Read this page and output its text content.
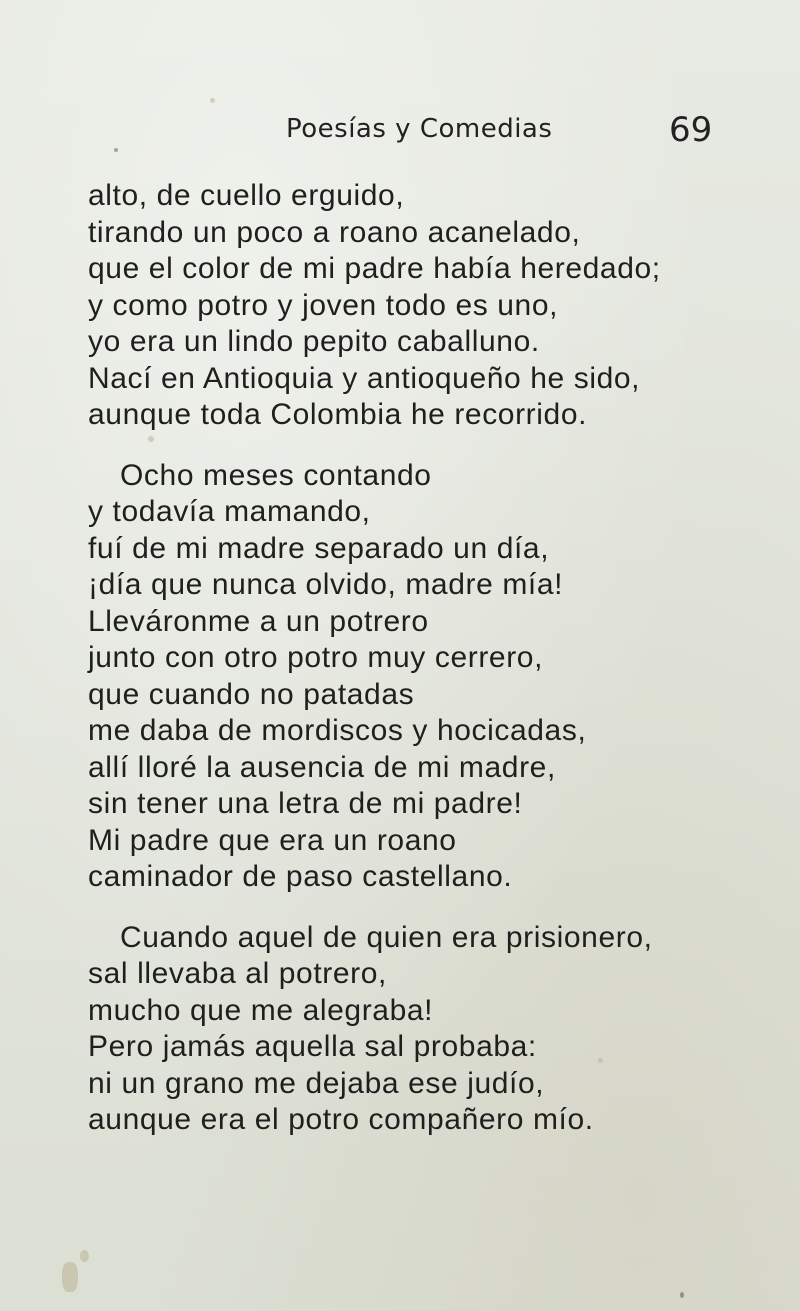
Poesías y Comedias	69
alto, de cuello erguido,
tirando un poco a roano acanelado,
que el color de mi padre había heredado;
y como potro y joven todo es uno,
yo era un lindo pepito caballuno.
Nací en Antioquia y antioqueño he sido,
aunque toda Colombia he recorrido.
Ocho meses contando
y todavía mamando,
fuí de mi madre separado un día,
¡día que nunca olvido, madre mía!
Lleváronme a un potrero
junto con otro potro muy cerrero,
que cuando no patadas
me daba de mordiscos y hocicadas,
allí lloré la ausencia de mi madre,
sin tener una letra de mi padre!
Mi padre que era un roano
caminador de paso castellano.
Cuando aquel de quien era prisionero,
sal llevaba al potrero,
mucho que me alegraba!
Pero jamás aquella sal probaba:
ni un grano me dejaba ese judío,
aunque era el potro compañero mío.
